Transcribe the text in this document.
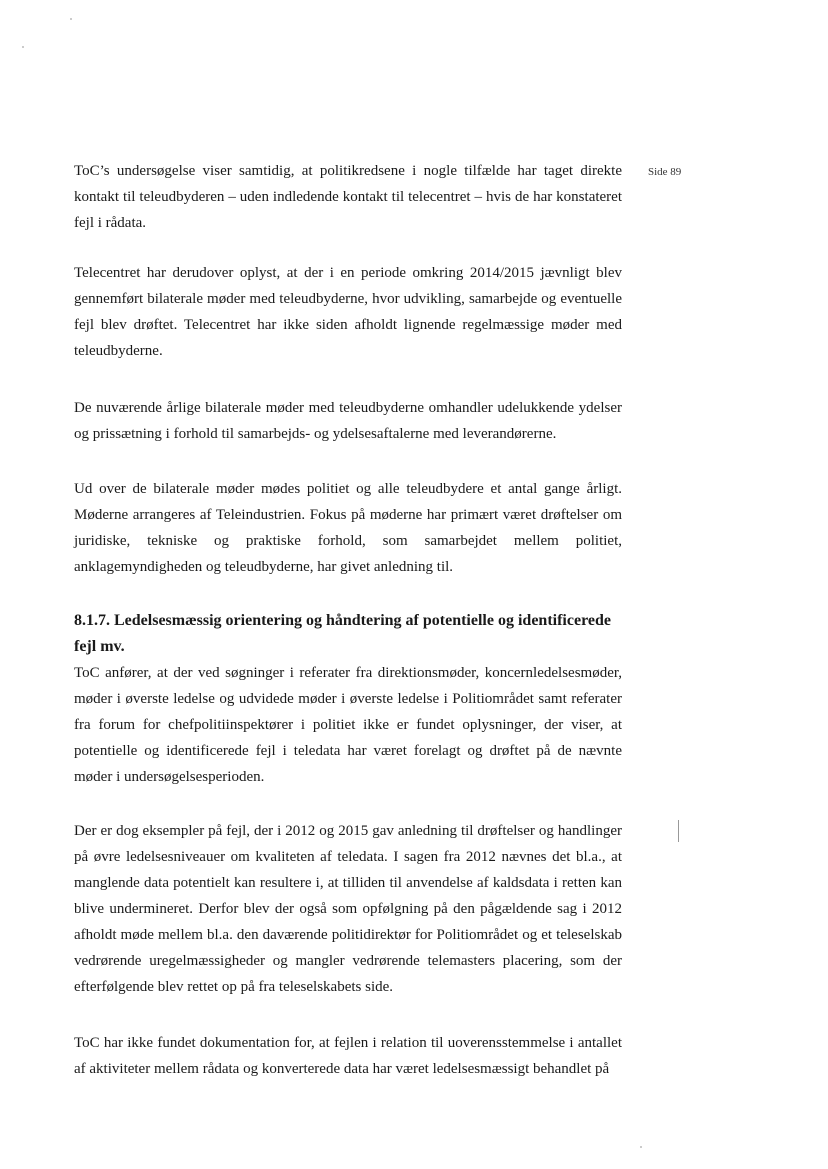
Side 89

ToC’s undersøgelse viser samtidig, at politikredsene i nogle tilfælde har taget direkte kontakt til teleudbyderen – uden indledende kontakt til telecentret – hvis de har konstateret fejl i rådata.

Telecentret har derudover oplyst, at der i en periode omkring 2014/2015 jævnligt blev gennemført bilaterale møder med teleudbyderne, hvor udvikling, samarbejde og eventuelle fejl blev drøftet. Telecentret har ikke siden afholdt lignende regelmæssige møder med teleudbyderne.

De nuværende årlige bilaterale møder med teleudbyderne omhandler udelukkende ydelser og prissætning i forhold til samarbejds- og ydelsesaftalerne med leverandørerne.

Ud over de bilaterale møder mødes politiet og alle teleudbydere et antal gange årligt. Møderne arrangeres af Teleindustrien. Fokus på møderne har primært været drøftelser om juridiske, tekniske og praktiske forhold, som samarbejdet mellem politiet, anklagemyndigheden og teleudbyderne, har givet anledning til.

8.1.7. Ledelsesmæssig orientering og håndtering af potentielle og identificerede fejl mv.

ToC anfører, at der ved søgninger i referater fra direktionsmøder, koncernledelsesmøder, møder i øverste ledelse og udvidede møder i øverste ledelse i Politiområdet samt referater fra forum for chefpolitiinspektører i politiet ikke er fundet oplysninger, der viser, at potentielle og identificerede fejl i teledata har været forelagt og drøftet på de nævnte møder i undersøgelsesperioden.

Der er dog eksempler på fejl, der i 2012 og 2015 gav anledning til drøftelser og handlinger på øvre ledelsesniveauer om kvaliteten af teledata. I sagen fra 2012 nævnes det bl.a., at manglende data potentielt kan resultere i, at tilliden til anvendelse af kaldsdata i retten kan blive undermineret. Derfor blev der også som opfølgning på den pågældende sag i 2012 afholdt møde mellem bl.a. den daværende politidirektør for Politiområdet og et teleselskab vedrørende uregelmæssigheder og mangler vedrørende telemasters placering, som der efterfølgende blev rettet op på fra teleselskabets side.

ToC har ikke fundet dokumentation for, at fejlen i relation til uoverensstemmelse i antallet af aktiviteter mellem rådata og konverterede data har været ledelsesmæssigt behandlet på
